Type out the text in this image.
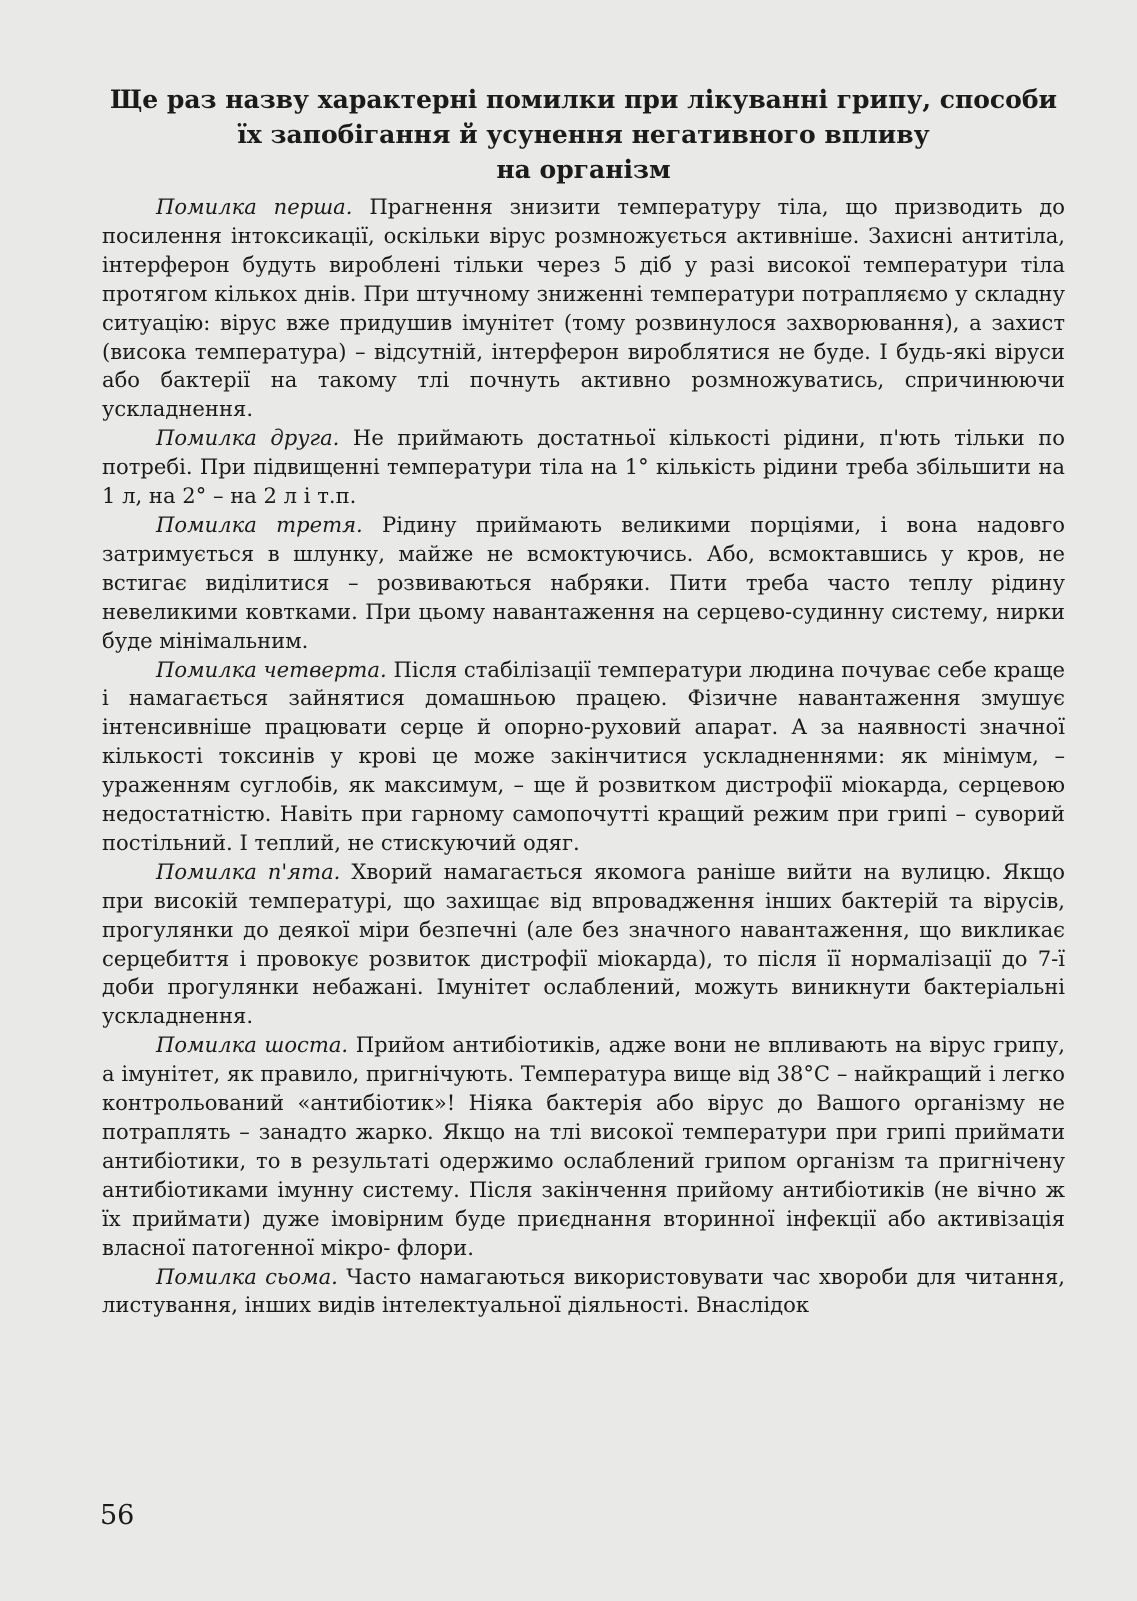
Ще раз назву характерні помилки при лікуванні грипу, способи
їх запобігання й усунення негативного впливу
на організм

Помилка перша. Прагнення знизити температуру тіла, що призводить до посилення інтоксикації, оскільки вірус розмножується активніше. Захисні антитіла, інтерферон будуть вироблені тільки через 5 діб у разі високої температури тіла протягом кількох днів. При штучному зниженні температури потрапляємо у складну ситуацію: вірус вже придушив імунітет (тому розвинулося захворювання), а захист (висока температура) – відсутній, інтерферон вироблятися не буде. І будь-які віруси або бактерії на такому тлі почнуть активно розмножуватись, спричинюючи ускладнення.

Помилка друга. Не приймають достатньої кількості рідини, п'ють тільки по потребі. При підвищенні температури тіла на 1° кількість рідини треба збільшити на 1 л, на 2° – на 2 л і т.п.

Помилка третя. Рідину приймають великими порціями, і вона надовго затримується в шлунку, майже не всмоктуючись. Або, всмоктавшись у кров, не встигає виділитися – розвиваються набряки. Пити треба часто теплу рідину невеликими ковтками. При цьому навантаження на серцево-судинну систему, нирки буде мінімальним.

Помилка четверта. Після стабілізації температури людина почуває себе краще і намагається зайнятися домашньою працею. Фізичне навантаження змушує інтенсивніше працювати серце й опорно-руховий апарат. А за наявності значної кількості токсинів у крові це може закінчитися ускладненнями: як мінімум, – ураженням суглобів, як максимум, – ще й розвитком дистрофії міокарда, серцевою недостатністю. Навіть при гарному самопочутті кращий режим при грипі – суворий постільний. І теплий, не стискуючий одяг.

Помилка п'ята. Хворий намагається якомога раніше вийти на вулицю. Якщо при високій температурі, що захищає від впровадження інших бактерій та вірусів, прогулянки до деякої міри безпечні (але без значного навантаження, що викликає серцебиття і провокує розвиток дистрофії міокарда), то після її нормалізації до 7-ї доби прогулянки небажані. Імунітет ослаблений, можуть виникнути бактеріальні ускладнення.

Помилка шоста. Прийом антибіотиків, адже вони не впливають на вірус грипу, а імунітет, як правило, пригнічують. Температура вище від 38°С – найкращий і легко контрольований «антибіотик»! Ніяка бактерія або вірус до Вашого організму не потраплять – занадто жарко. Якщо на тлі високої температури при грипі приймати антибіотики, то в результаті одержимо ослаблений грипом організм та пригнічену антибіотиками імунну систему. Після закінчення прийому антибіотиків (не вічно ж їх приймати) дуже імовірним буде приєднання вторинної інфекції або активізація власної патогенної мікро- флори.

Помилка сьома. Часто намагаються використовувати час хвороби для читання, листування, інших видів інтелектуальної діяльності. Внаслідок

56
